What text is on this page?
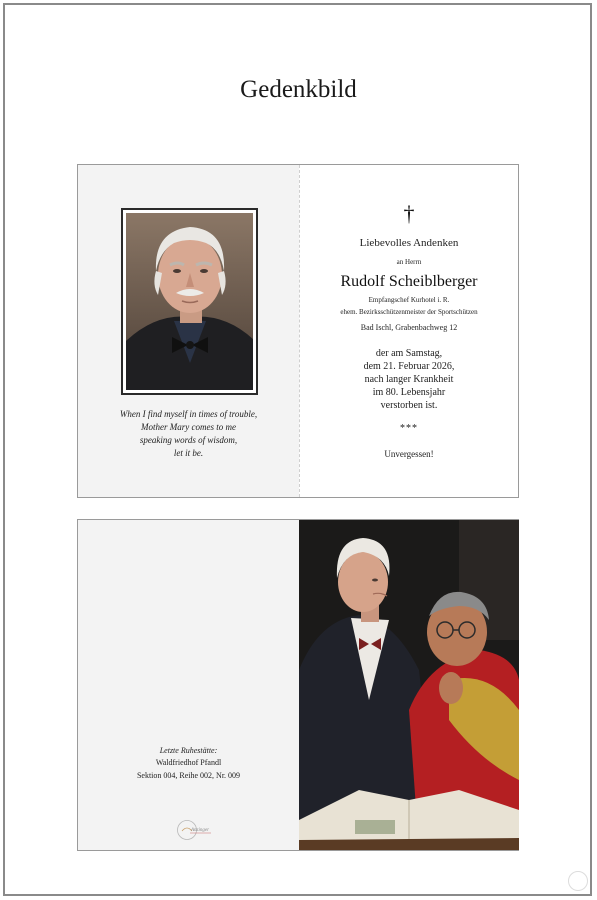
Gedenkbild
When I find myself in times of trouble,
Mother Mary comes to me
speaking words of wisdom,
let it be.
†
Liebevolles Andenken
an Herrn
Rudolf Scheiblberger
Empfangschef Kurhotel i. R.
ehem. Bezirksschützenmeister der Sportschützen
Bad Ischl, Grabenbachweg 12
der am Samstag,
dem 21. Februar 2026,
nach langer Krankheit
im 80. Lebensjahr
verstorben ist.
***
Unvergessen!
Letzte Ruhestätte:
Waldfriedhof Pfandl
Sektion 004, Reihe 002, Nr. 009
Anzinger
